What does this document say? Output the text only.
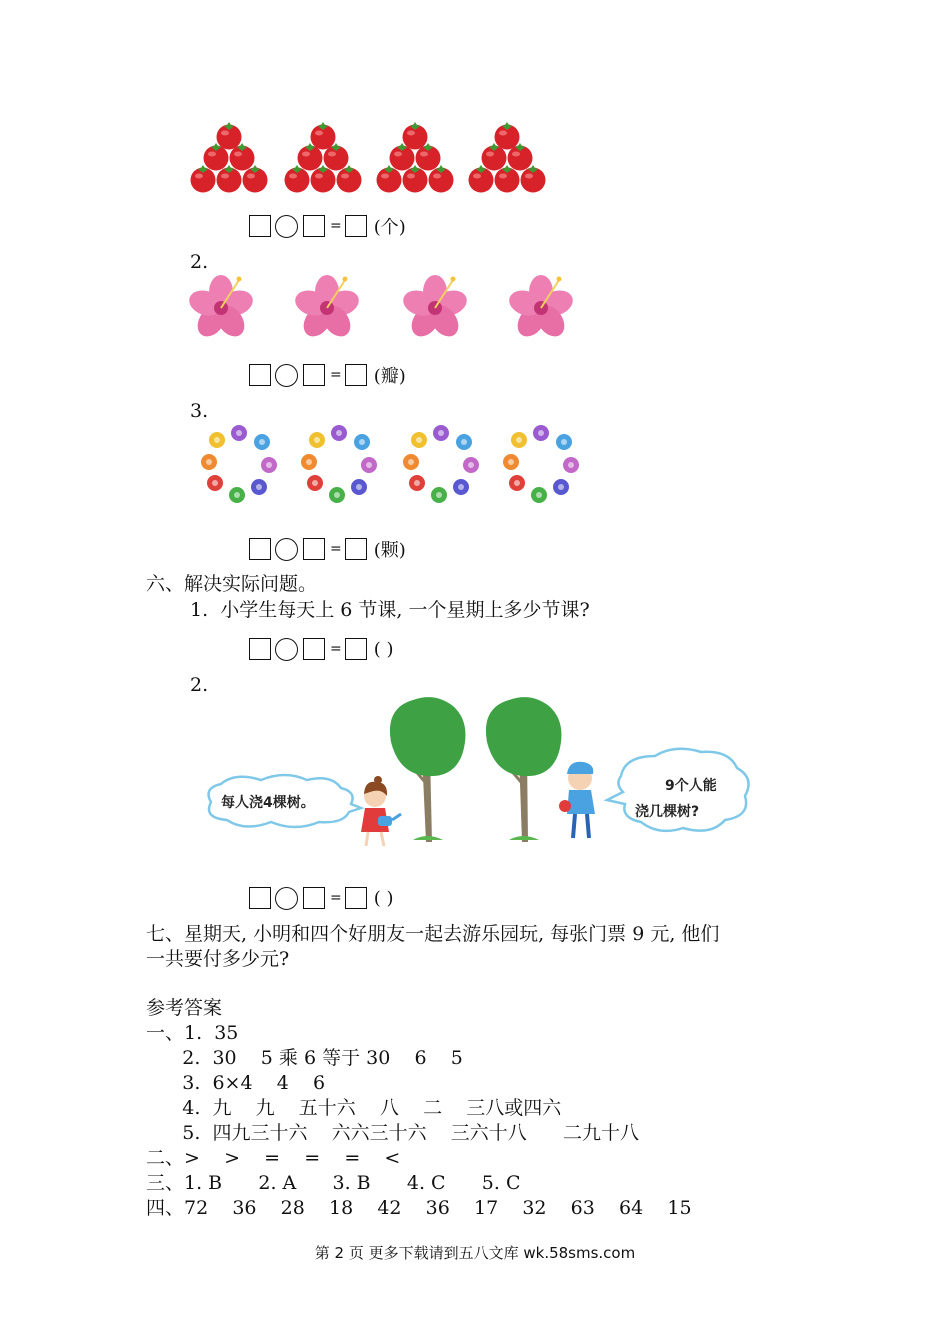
= (个)
2.
= (瓣)
3.
= (颗)
六、解决实际问题。
1.  小学生每天上 6 节课, 一个星期上多少节课?
= ( )
2.
每人浇4棵树。
9个人能
浇几棵树?
= ( )
七、星期天, 小明和四个好朋友一起去游乐园玩, 每张门票 9 元, 他们
一共要付多少元?
参考答案
一、1.  35
2.  30    5 乘 6 等于 30    6    5
3.  6×4    4    6
4.  九    九    五十六    八    二    三八或四六
5.  四九三十六    六六三十六    三六十八      二九十八
二、>    >    =    =    =    <
三、1. B      2. A      3. B      4. C      5. C
四、72    36    28    18    42    36    17    32    63    64    15
第 2 页 更多下载请到五八文库 wk.58sms.com
